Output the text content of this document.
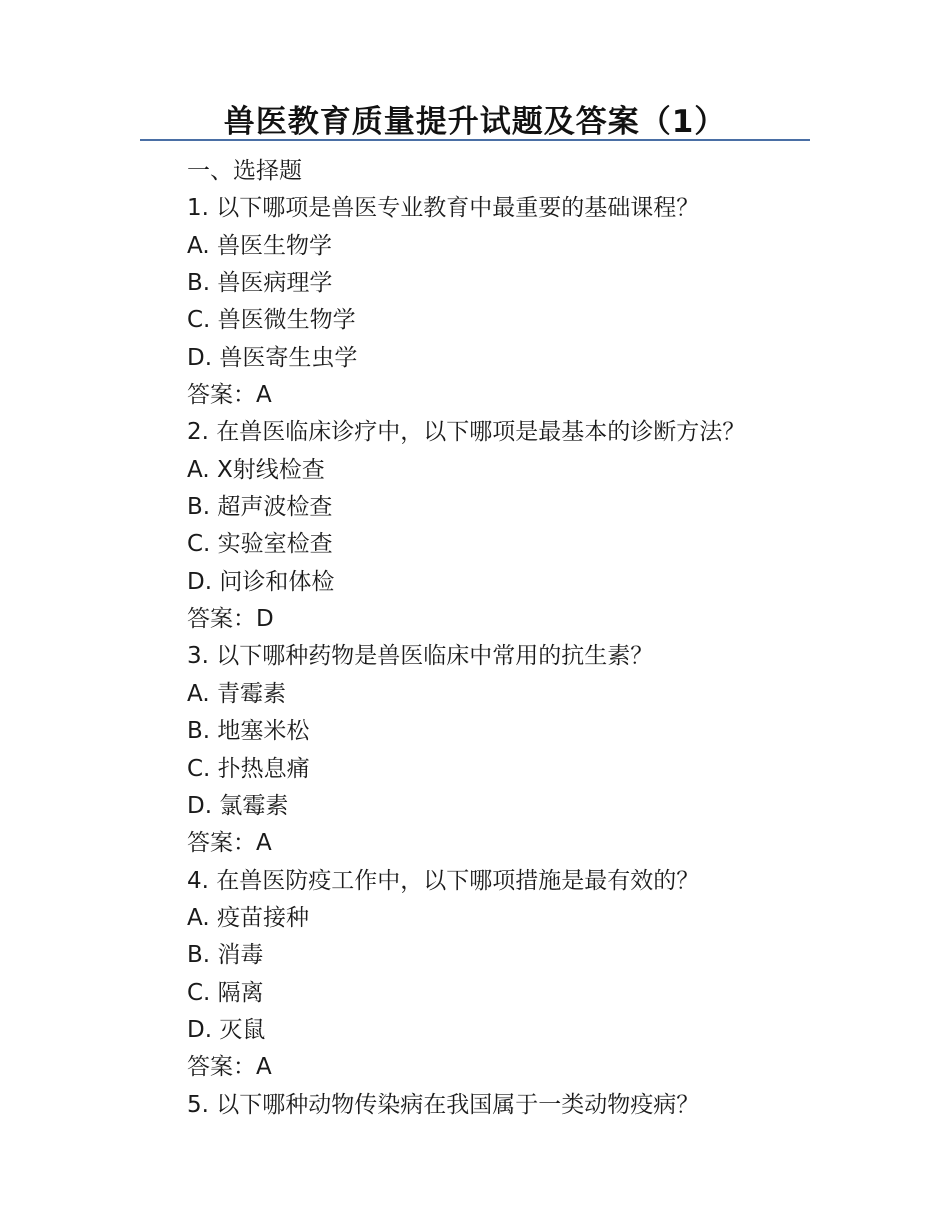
兽医教育质量提升试题及答案（1）
一、选择题
1. 以下哪项是兽医专业教育中最重要的基础课程？
A. 兽医生物学
B. 兽医病理学
C. 兽医微生物学
D. 兽医寄生虫学
答案：A
2. 在兽医临床诊疗中，以下哪项是最基本的诊断方法？
A. X射线检查
B. 超声波检查
C. 实验室检查
D. 问诊和体检
答案：D
3. 以下哪种药物是兽医临床中常用的抗生素？
A. 青霉素
B. 地塞米松
C. 扑热息痛
D. 氯霉素
答案：A
4. 在兽医防疫工作中，以下哪项措施是最有效的？
A. 疫苗接种
B. 消毒
C. 隔离
D. 灭鼠
答案：A
5. 以下哪种动物传染病在我国属于一类动物疫病？
